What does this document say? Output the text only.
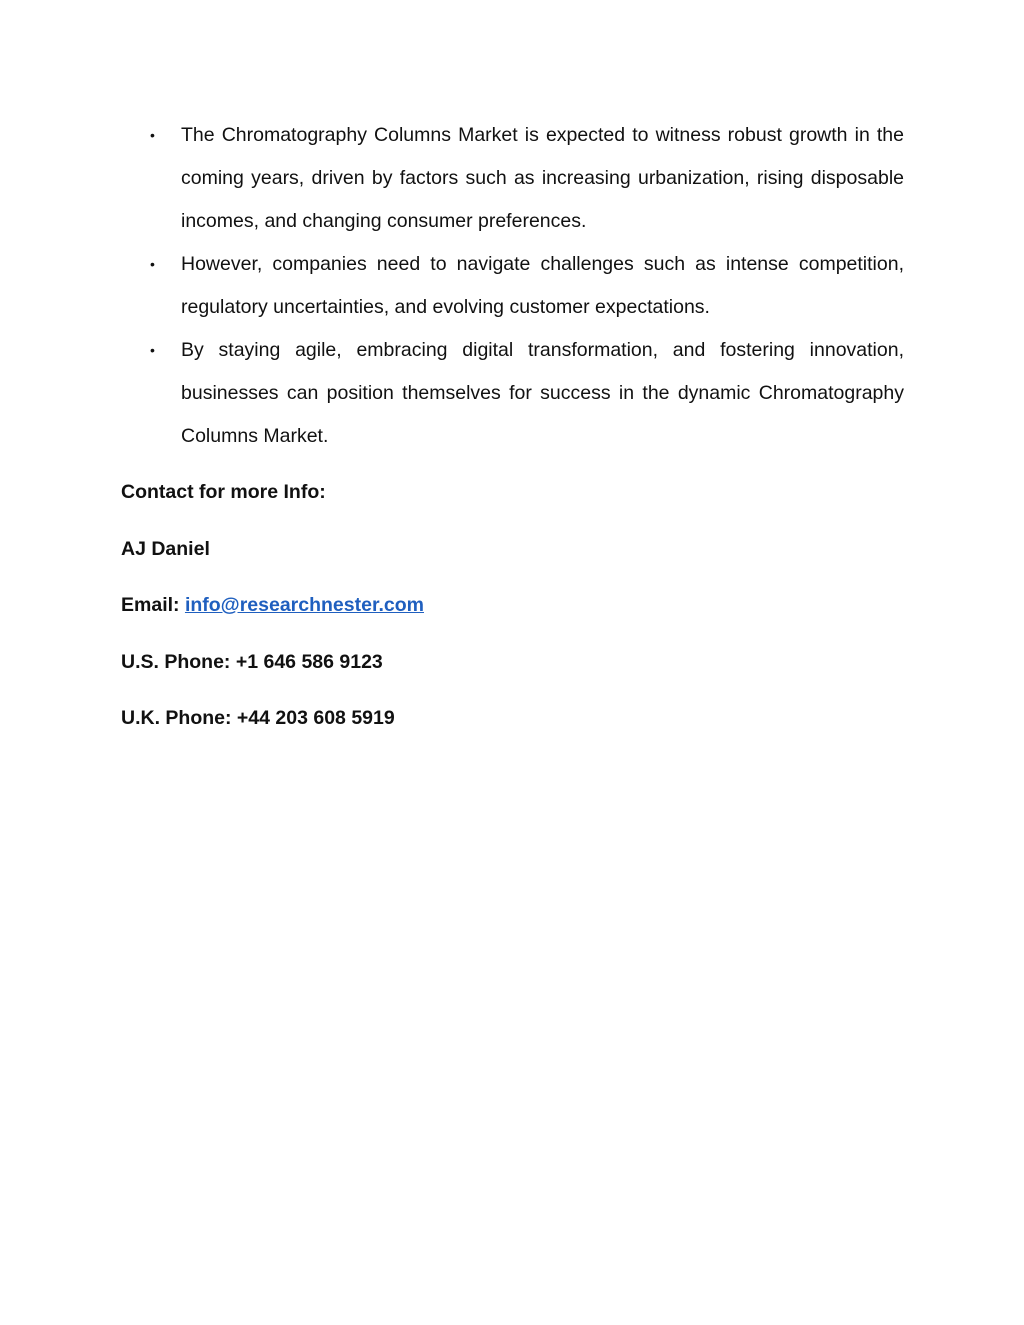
• The Chromatography Columns Market is expected to witness robust growth in the coming years, driven by factors such as increasing urbanization, rising disposable incomes, and changing consumer preferences.
• However, companies need to navigate challenges such as intense competition, regulatory uncertainties, and evolving customer expectations.
• By staying agile, embracing digital transformation, and fostering innovation, businesses can position themselves for success in the dynamic Chromatography Columns Market.
Contact for more Info:
AJ Daniel
Email: info@researchnester.com
U.S. Phone: +1 646 586 9123
U.K. Phone: +44 203 608 5919
